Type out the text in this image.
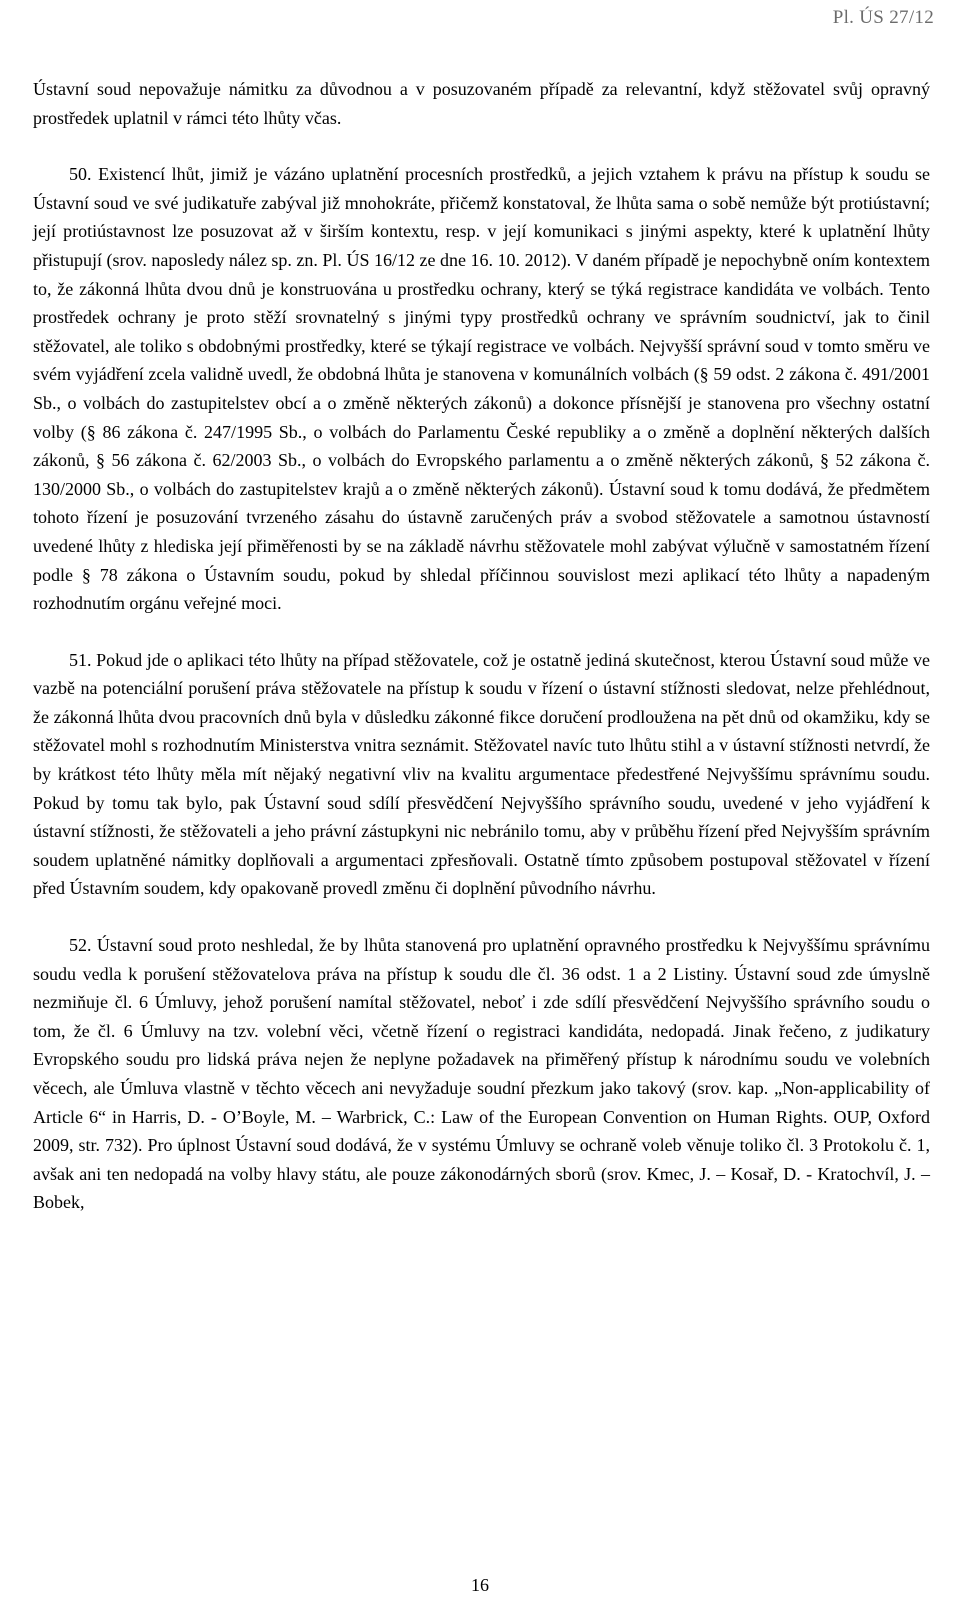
Pl. ÚS 27/12

Ústavní soud nepovažuje námitku za důvodnou a v posuzovaném případě za relevantní, když stěžovatel svůj opravný prostředek uplatnil v rámci této lhůty včas.

50. Existencí lhůt, jimiž je vázáno uplatnění procesních prostředků, a jejich vztahem k právu na přístup k soudu se Ústavní soud ve své judikatuře zabýval již mnohokráte, přičemž konstatoval, že lhůta sama o sobě nemůže být protiústavní; její protiústavnost lze posuzovat až v širším kontextu, resp. v její komunikaci s jinými aspekty, které k uplatnění lhůty přistupují (srov. naposledy nález sp. zn. Pl. ÚS 16/12 ze dne 16. 10. 2012). V daném případě je nepochybně oním kontextem to, že zákonná lhůta dvou dnů je konstruována u prostředku ochrany, který se týká registrace kandidáta ve volbách. Tento prostředek ochrany je proto stěží srovnatelný s jinými typy prostředků ochrany ve správním soudnictví, jak to činil stěžovatel, ale toliko s obdobnými prostředky, které se týkají registrace ve volbách. Nejvyšší správní soud v tomto směru ve svém vyjádření zcela validně uvedl, že obdobná lhůta je stanovena v komunálních volbách (§ 59 odst. 2 zákona č. 491/2001 Sb., o volbách do zastupitelstev obcí a o změně některých zákonů) a dokonce přísnější je stanovena pro všechny ostatní volby (§ 86 zákona č. 247/1995 Sb., o volbách do Parlamentu České republiky a o změně a doplnění některých dalších zákonů, § 56 zákona č. 62/2003 Sb., o volbách do Evropského parlamentu a o změně některých zákonů, § 52 zákona č. 130/2000 Sb., o volbách do zastupitelstev krajů a o změně některých zákonů). Ústavní soud k tomu dodává, že předmětem tohoto řízení je posuzování tvrzeného zásahu do ústavně zaručených práv a svobod stěžovatele a samotnou ústavností uvedené lhůty z hlediska její přiměřenosti by se na základě návrhu stěžovatele mohl zabývat výlučně v samostatném řízení podle § 78 zákona o Ústavním soudu, pokud by shledal příčinnou souvislost mezi aplikací této lhůty a napadeným rozhodnutím orgánu veřejné moci.

51. Pokud jde o aplikaci této lhůty na případ stěžovatele, což je ostatně jediná skutečnost, kterou Ústavní soud může ve vazbě na potenciální porušení práva stěžovatele na přístup k soudu v řízení o ústavní stížnosti sledovat, nelze přehlédnout, že zákonná lhůta dvou pracovních dnů byla v důsledku zákonné fikce doručení prodloužena na pět dnů od okamžiku, kdy se stěžovatel mohl s rozhodnutím Ministerstva vnitra seznámit. Stěžovatel navíc tuto lhůtu stihl a v ústavní stížnosti netvrdí, že by krátkost této lhůty měla mít nějaký negativní vliv na kvalitu argumentace předestřené Nejvyššímu správnímu soudu. Pokud by tomu tak bylo, pak Ústavní soud sdílí přesvědčení Nejvyššího správního soudu, uvedené v jeho vyjádření k ústavní stížnosti, že stěžovateli a jeho právní zástupkyni nic nebránilo tomu, aby v průběhu řízení před Nejvyšším správním soudem uplatněné námitky doplňovali a argumentaci zpřesňovali. Ostatně tímto způsobem postupoval stěžovatel v řízení před Ústavním soudem, kdy opakovaně provedl změnu či doplnění původního návrhu.

52. Ústavní soud proto neshledal, že by lhůta stanovená pro uplatnění opravného prostředku k Nejvyššímu správnímu soudu vedla k porušení stěžovatelova práva na přístup k soudu dle čl. 36 odst. 1 a 2 Listiny. Ústavní soud zde úmyslně nezmiňuje čl. 6 Úmluvy, jehož porušení namítal stěžovatel, neboť i zde sdílí přesvědčení Nejvyššího správního soudu o tom, že čl. 6 Úmluvy na tzv. volební věci, včetně řízení o registraci kandidáta, nedopadá. Jinak řečeno, z judikatury Evropského soudu pro lidská práva nejen že neplyne požadavek na přiměřený přístup k národnímu soudu ve volebních věcech, ale Úmluva vlastně v těchto věcech ani nevyžaduje soudní přezkum jako takový (srov. kap. „Non-applicability of Article 6“ in Harris, D. - O’Boyle, M. – Warbrick, C.: Law of the European Convention on Human Rights. OUP, Oxford 2009, str. 732). Pro úplnost Ústavní soud dodává, že v systému Úmluvy se ochraně voleb věnuje toliko čl. 3 Protokolu č. 1, avšak ani ten nedopadá na volby hlavy státu, ale pouze zákonodárných sborů (srov. Kmec, J. – Kosař, D. - Kratochvíl, J. – Bobek,

16
